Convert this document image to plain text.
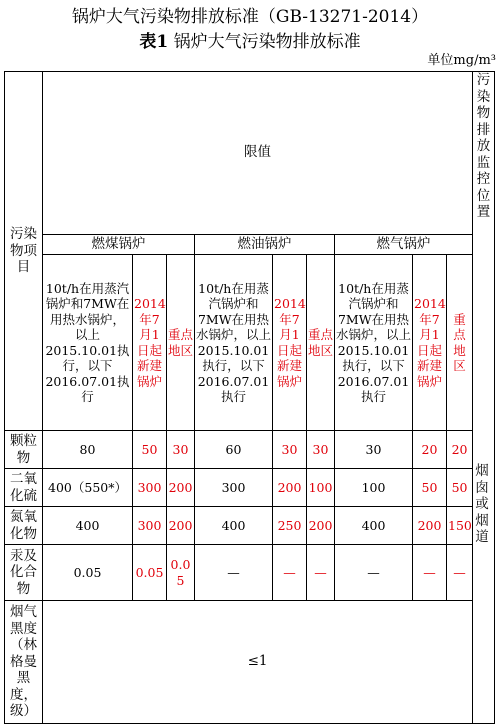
锅炉大气污染物排放标准（GB-13271-2014）
表1 锅炉大气污染物排放标准
单位mg/m³
污染物项目	限值									污染物排放监控位置	
	燃煤锅炉			燃油锅炉			燃气锅炉				
	10t/h在用蒸汽锅炉和7MW在用热水锅炉，以上2015.10.01执行，以下2016.07.01执行	2014年7月1日起新建锅炉	重点地区	10t/h在用蒸汽锅炉和7MW在用热水锅炉，以上2015.10.01执行，以下2016.07.01执行	2014年7月1日起新建锅炉	重点地区	10t/h在用蒸汽锅炉和7MW在用热水锅炉，以上2015.10.01执行，以下2016.07.01执行	2014年7月1日起新建锅炉	重点地区		
颗粒物	80	50	30	60	30	30	30	20	20		
二氧化硫	400（550*）	300	200	300	200	100	100	50	50		
氮氧化物	400	300	200	400	250	200	400	200	150		
汞及化合物	0.05	0.05	0.05	—	—	—	—	—	—		
烟气黑度（林格曼黑度，级）	≤1	
烟囱或烟道
